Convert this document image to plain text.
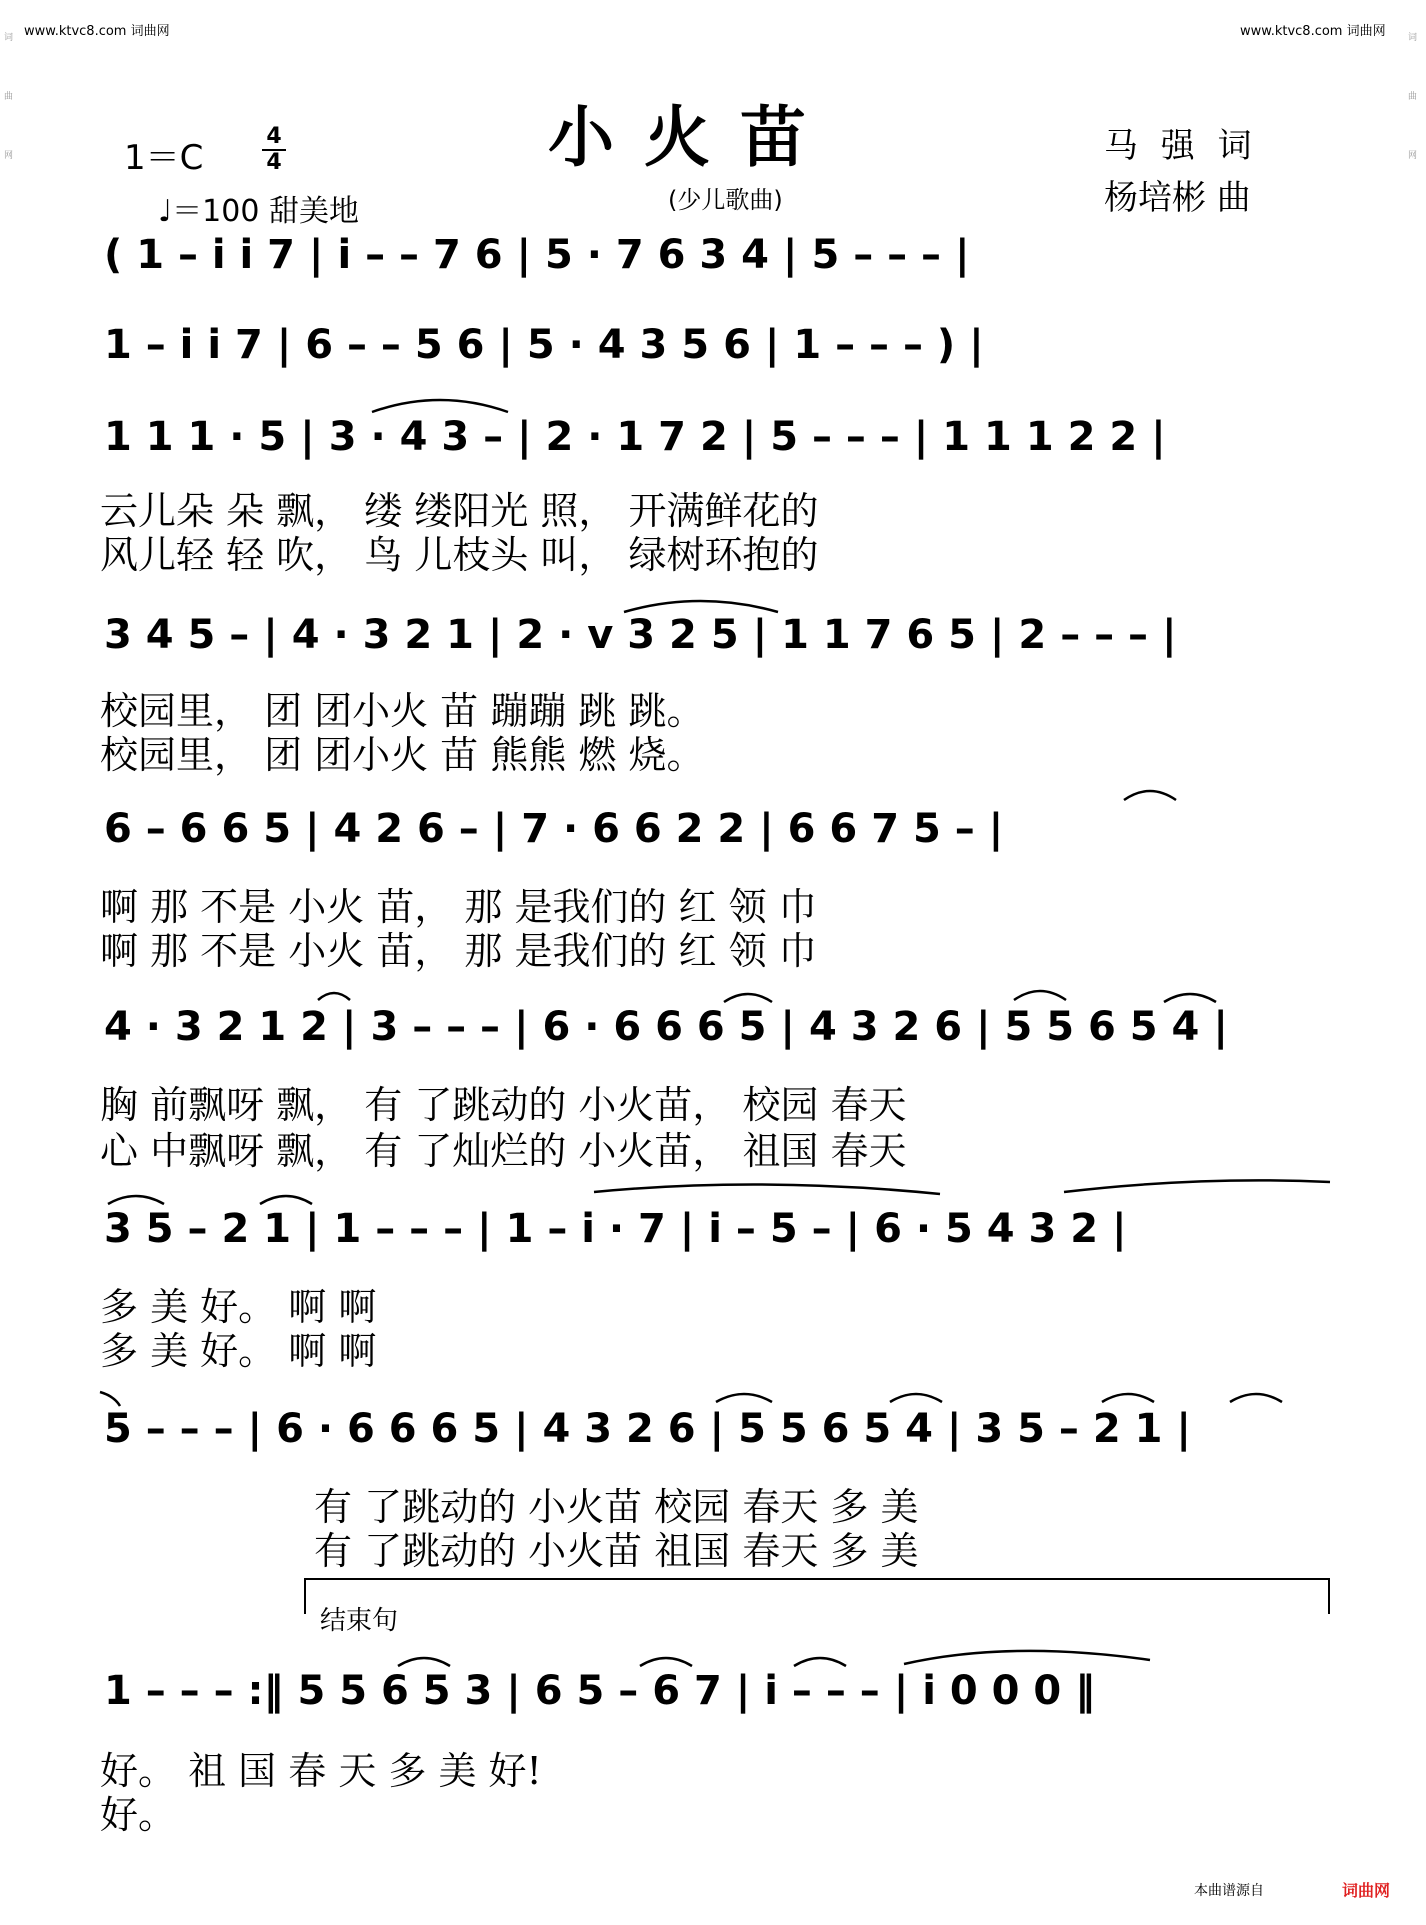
www.ktvc8.com 词曲网	www.ktvc8.com 词曲网
词
曲
网
词
曲
网
小火苗
(少儿歌曲)
1＝C
4
4
♩＝100 甜美地
马 强 词
杨培彬 曲
( 1 – i i 7 | i – – 7 6 | 5 · 7 6 3 4 | 5 – – – |
1 – i i 7 | 6 – – 5 6 | 5 · 4 3 5 6 | 1 – – – ) |
1 1 1 · 5 | 3 · 4 3 – | 2 · 1 7 2 | 5 – – – | 1 1 1 2 2 |
云儿朵 朵 飘， 缕 缕阳光 照， 开满鲜花的
风儿轻 轻 吹， 鸟 儿枝头 叫， 绿树环抱的
3 4 5 – | 4 · 3 2 1 | 2 · v 3 2 5 | 1 1 7 6 5 | 2 – – – |
校园里， 团 团小火 苗 蹦蹦 跳 跳。
校园里， 团 团小火 苗 熊熊 燃 烧。
6 – 6 6 5 | 4 2 6 – | 7 · 6 6 2 2 | 6 6 7 5 – |
啊 那 不是 小火 苗， 那 是我们的 红 领 巾
啊 那 不是 小火 苗， 那 是我们的 红 领 巾
4 · 3 2 1 2 | 3 – – – | 6 · 6 6 6 5 | 4 3 2 6 | 5 5 6 5 4 |
胸 前飘呀 飘， 有 了跳动的 小火苗， 校园 春天
心 中飘呀 飘， 有 了灿烂的 小火苗， 祖国 春天
3 5 – 2 1 | 1 – – – | 1 – i · 7 | i – 5 – | 6 · 5 4 3 2 |
多 美 好。 啊 啊
多 美 好。 啊 啊
5 – – – | 6 · 6 6 6 5 | 4 3 2 6 | 5 5 6 5 4 | 3 5 – 2 1 |
有 了跳动的 小火苗 校园 春天 多 美
有 了跳动的 小火苗 祖国 春天 多 美
结束句
1 – – – :‖ 5 5 6 5 3 | 6 5 – 6 7 | i – – – | i 0 0 0 ‖
好。 祖 国 春 天 多 美 好!
好。
本曲谱源自	词曲网
